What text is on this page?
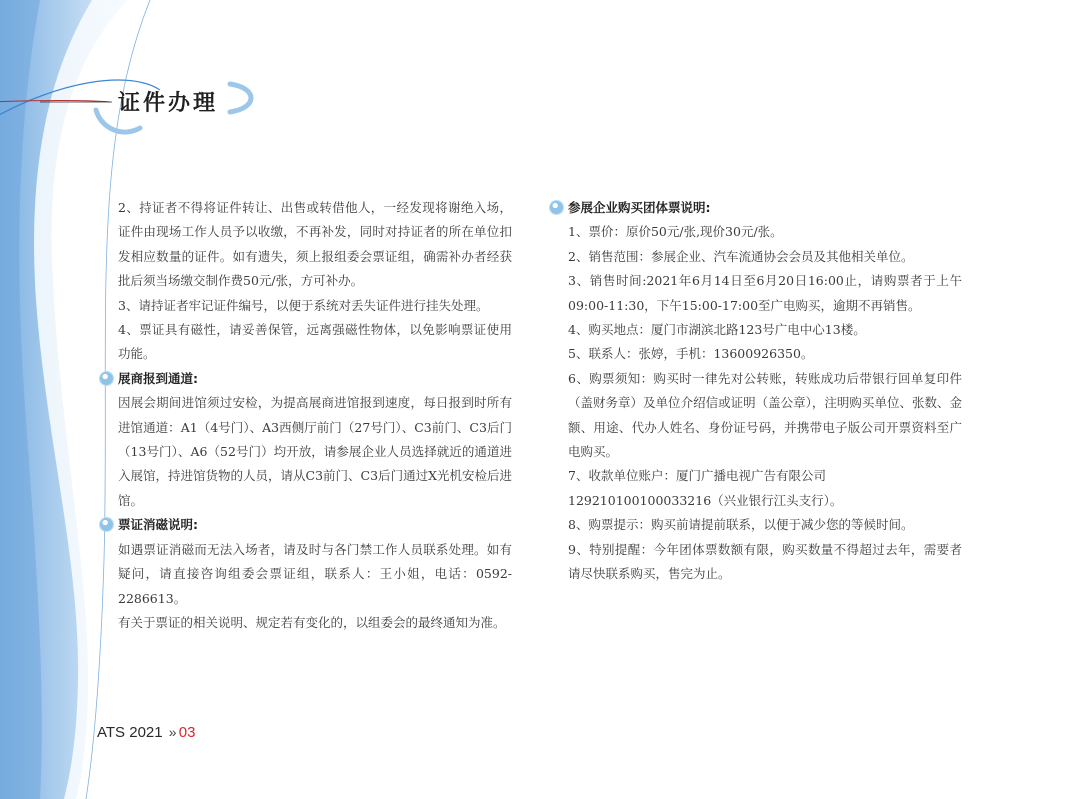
证件办理

2、持证者不得将证件转让、出售或转借他人，一经发现将谢绝入场，证件由现场工作人员予以收缴，不再补发，同时对持证者的所在单位扣发相应数量的证件。如有遗失，须上报组委会票证组，确需补办者经获批后须当场缴交制作费50元/张，方可补办。

3、请持证者牢记证件编号，以便于系统对丢失证件进行挂失处理。

4、票证具有磁性，请妥善保管，远离强磁性物体，以免影响票证使用功能。

展商报到通道:

因展会期间进馆须过安检，为提高展商进馆报到速度，每日报到时所有进馆通道：A1（4号门）、A3西侧厅前门（27号门）、C3前门、C3后门（13号门）、A6（52号门）均开放，请参展企业人员选择就近的通道进入展馆，持进馆货物的人员，请从C3前门、C3后门通过X光机安检后进馆。

票证消磁说明:

如遇票证消磁而无法入场者，请及时与各门禁工作人员联系处理。如有疑问，请直接咨询组委会票证组，联系人：王小姐，电话：0592-2286613。

有关于票证的相关说明、规定若有变化的，以组委会的最终通知为准。

参展企业购买团体票说明:

1、票价：原价50元/张,现价30元/张。

2、销售范围：参展企业、汽车流通协会会员及其他相关单位。

3、销售时间:2021年6月14日至6月20日16:00止，请购票者于上午09:00-11:30，下午15:00-17:00至广电购买，逾期不再销售。

4、购买地点：厦门市湖滨北路123号广电中心13楼。

5、联系人：张婷，手机：13600926350。

6、购票须知：购买时一律先对公转账，转账成功后带银行回单复印件（盖财务章）及单位介绍信或证明（盖公章），注明购买单位、张数、金额、用途、代办人姓名、身份证号码，并携带电子版公司开票资料至广电购买。

7、收款单位账户：厦门广播电视广告有限公司

129210100100033216（兴业银行江头支行）。

8、购票提示：购买前请提前联系，以便于减少您的等候时间。

9、特别提醒：今年团体票数额有限，购买数量不得超过去年，需要者请尽快联系购买，售完为止。

ATS 2021 » 03
